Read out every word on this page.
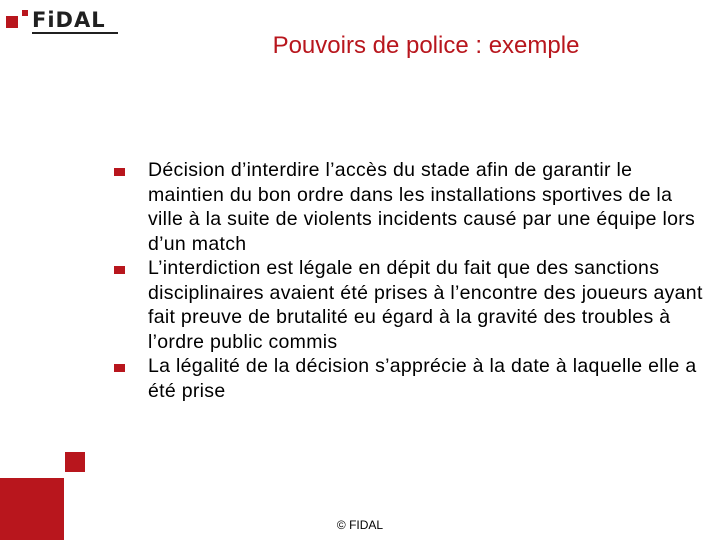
FiDAL
Pouvoirs de police : exemple
Décision d’interdire l’accès du stade afin de garantir le maintien du bon ordre dans les installations sportives de la ville à la suite de violents incidents causé par une équipe lors d’un match
L’interdiction est légale en dépit du fait que des sanctions disciplinaires avaient été prises à l’encontre des joueurs ayant fait preuve de brutalité eu égard à la gravité des troubles à l’ordre public commis
La légalité de la décision s’apprécie à la date à laquelle elle a été prise
© FIDAL
